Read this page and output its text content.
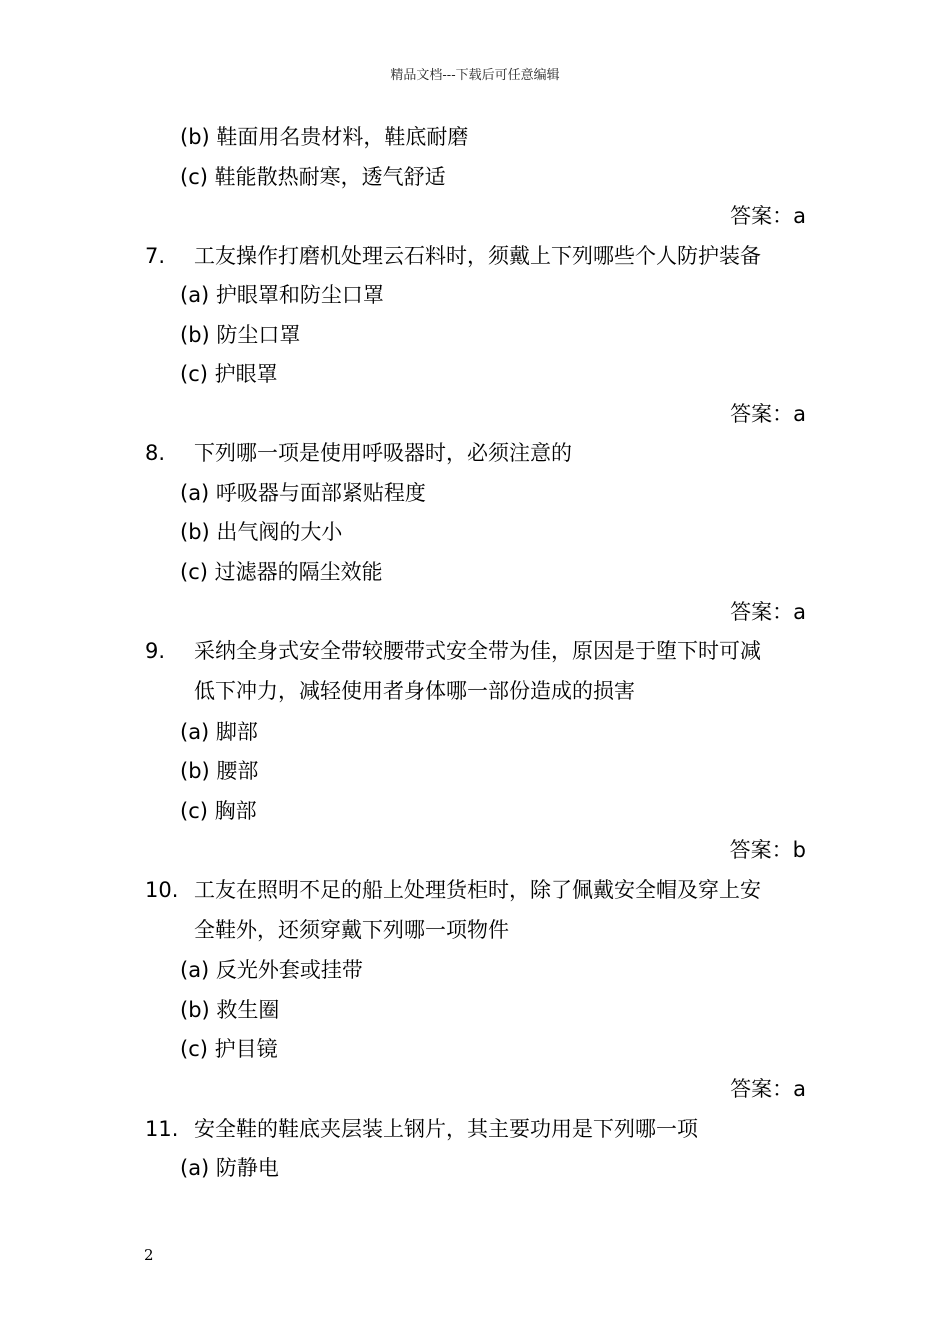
精品文档---下载后可任意编辑
(b) 鞋面用名贵材料，鞋底耐磨
(c) 鞋能散热耐寒，透气舒适
答案：a
7. 工友操作打磨机处理云石料时，须戴上下列哪些个人防护装备
(a) 护眼罩和防尘口罩
(b) 防尘口罩
(c) 护眼罩
答案：a
8. 下列哪一项是使用呼吸器时，必须注意的
(a) 呼吸器与面部紧贴程度
(b) 出气阀的大小
(c) 过滤器的隔尘效能
答案：a
9. 采纳全身式安全带较腰带式安全带为佳，原因是于堕下时可减
低下冲力，减轻使用者身体哪一部份造成的损害
(a) 脚部
(b) 腰部
(c) 胸部
答案：b
10. 工友在照明不足的船上处理货柜时，除了佩戴安全帽及穿上安
全鞋外，还须穿戴下列哪一项物件
(a) 反光外套或挂带
(b) 救生圈
(c) 护目镜
答案：a
11. 安全鞋的鞋底夹层装上钢片，其主要功用是下列哪一项
(a) 防静电
2
